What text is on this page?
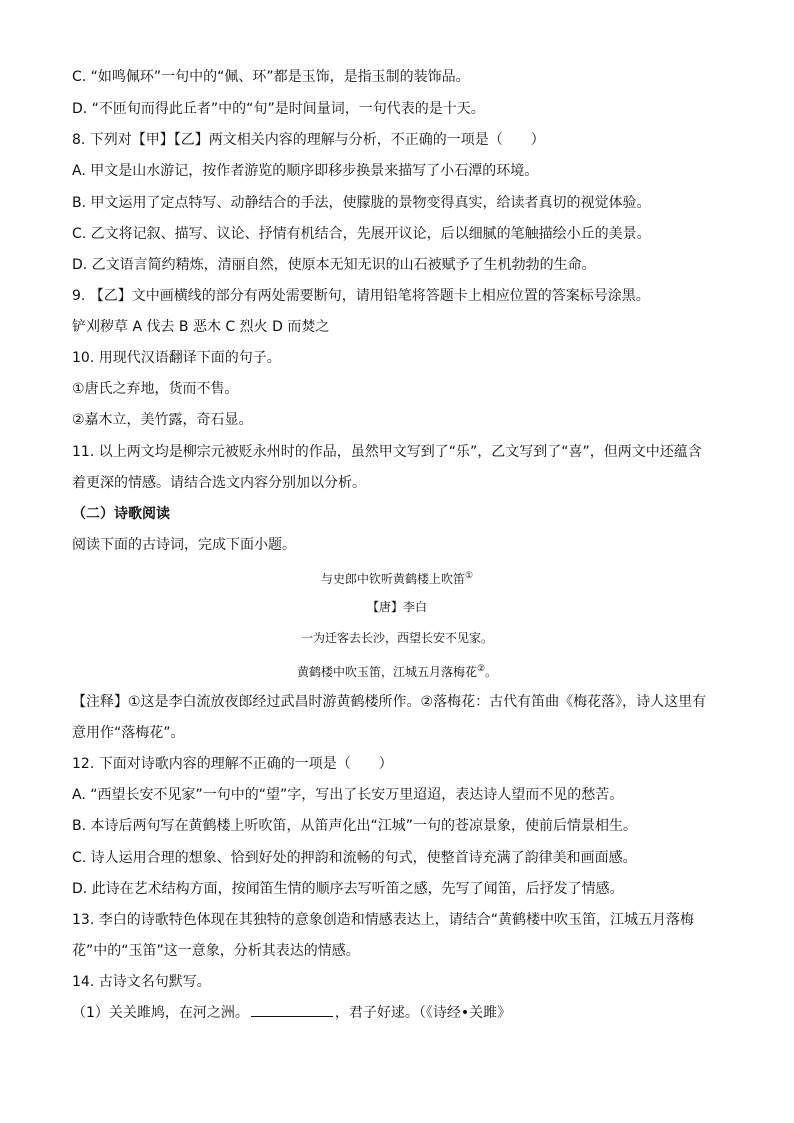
C. “如鸣佩环”一句中的“佩、环”都是玉饰，是指玉制的装饰品。
D. “不匝旬而得此丘者”中的“旬”是时间量词，一句代表的是十天。
8. 下列对【甲】【乙】两文相关内容的理解与分析，不正确的一项是（　　）
A. 甲文是山水游记，按作者游览的顺序即移步换景来描写了小石潭的环境。
B. 甲文运用了定点特写、动静结合的手法，使朦胧的景物变得真实，给读者真切的视觉体验。
C. 乙文将记叙、描写、议论、抒情有机结合，先展开议论，后以细腻的笔触描绘小丘的美景。
D. 乙文语言简约精炼，清丽自然，使原本无知无识的山石被赋予了生机勃勃的生命。
9. 【乙】文中画横线的部分有两处需要断句，请用铅笔将答题卡上相应位置的答案标号涂黑。
铲刈秽草 A 伐去 B 恶木 C 烈火 D 而焚之
10. 用现代汉语翻译下面的句子。
①唐氏之弃地，货而不售。
②嘉木立，美竹露，奇石显。
11. 以上两文均是柳宗元被贬永州时的作品，虽然甲文写到了“乐”，乙文写到了“喜”，但两文中还蕴含
着更深的情感。请结合选文内容分别加以分析。
（二）诗歌阅读
阅读下面的古诗词，完成下面小题。
与史郎中钦听黄鹤楼上吹笛①
【唐】李白
一为迁客去长沙，西望长安不见家。
黄鹤楼中吹玉笛，江城五月落梅花②。
【注释】①这是李白流放夜郎经过武昌时游黄鹤楼所作。②落梅花：古代有笛曲《梅花落》，诗人这里有
意用作“落梅花”。
12. 下面对诗歌内容的理解不正确的一项是（　　）
A. “西望长安不见家”一句中的“望”字，写出了长安万里迢迢，表达诗人望而不见的愁苦。
B. 本诗后两句写在黄鹤楼上听吹笛，从笛声化出“江城”一句的苍凉景象，使前后情景相生。
C. 诗人运用合理的想象、恰到好处的押韵和流畅的句式，使整首诗充满了韵律美和画面感。
D. 此诗在艺术结构方面，按闻笛生情的顺序去写听笛之感，先写了闻笛，后抒发了情感。
13. 李白的诗歌特色体现在其独特的意象创造和情感表达上，请结合“黄鹤楼中吹玉笛，江城五月落梅
花”中的“玉笛”这一意象，分析其表达的情感。
14. 古诗文名句默写。
（1）关关雎鸠，在河之洲。	，君子好逑。（《诗经•关雎》
